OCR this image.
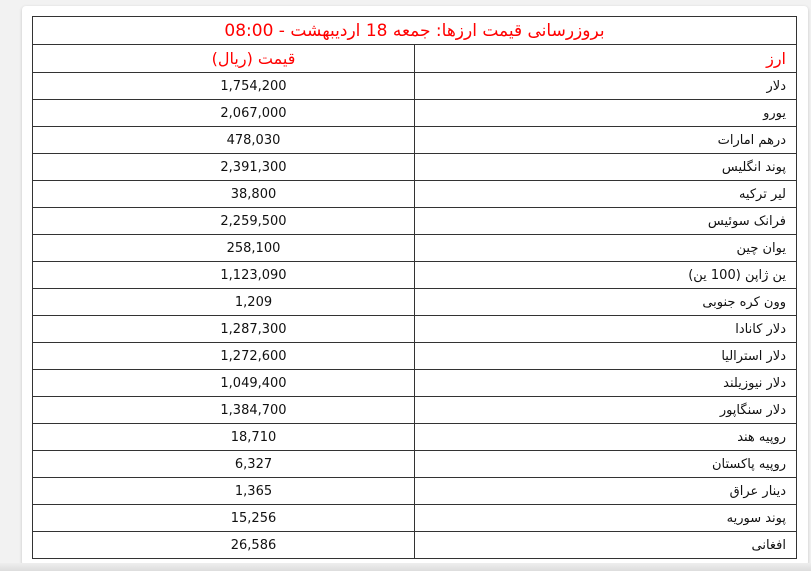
بروزرسانی قیمت ارزها: جمعه 18 اردیبهشت - 08:00	
ارز	قیمت (ریال)
دلار	1,754,200
یورو	2,067,000
درهم امارات	478,030
پوند انگلیس	2,391,300
لیر ترکیه	38,800
فرانک سوئیس	2,259,500
یوان چین	258,100
ین ژاپن (100 ین)	1,123,090
وون کره جنوبی	1,209
دلار کانادا	1,287,300
دلار استرالیا	1,272,600
دلار نیوزیلند	1,049,400
دلار سنگاپور	1,384,700
روپیه هند	18,710
روپیه پاکستان	6,327
دینار عراق	1,365
پوند سوریه	15,256
افغانی	26,586
